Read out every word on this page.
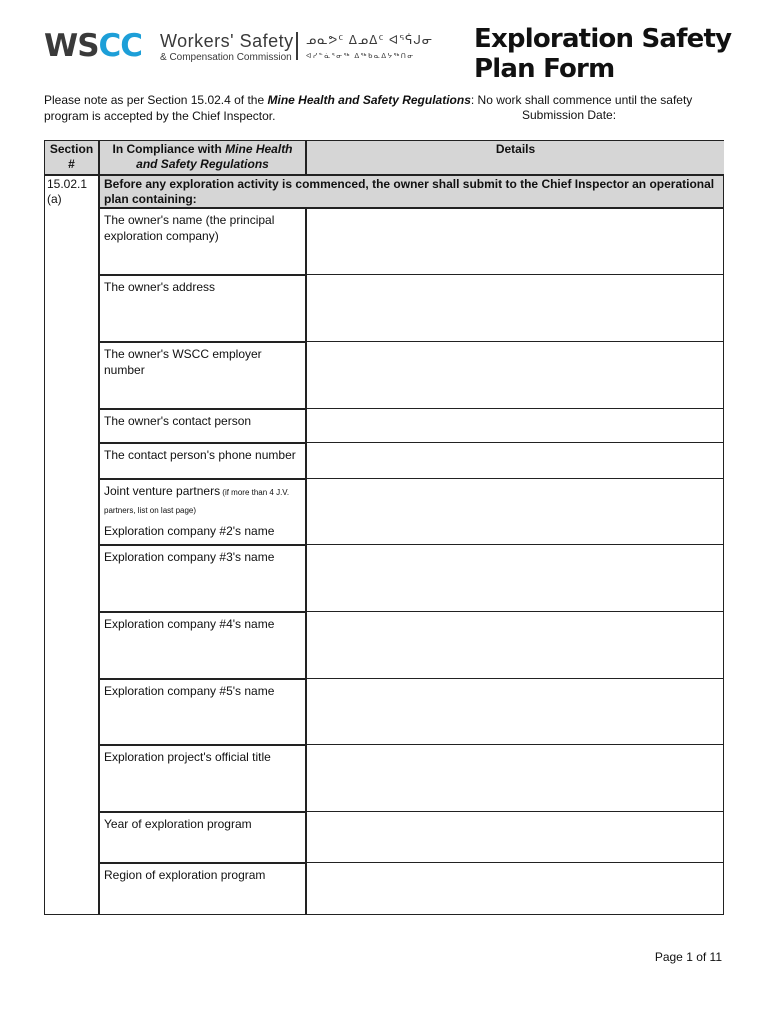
WSCC Workers' Safety
& Compensation Commission
ᓄᓇᕗᑦ ᐃᓄᐃᑦ ᐊᕐᕌᒍᓂ
ᐊᓯᓐᓈᕐᓂᖅ ᐃᖅᑲᓇᐃᔭᖅᑎᓂ
Exploration Safety Plan Form
Please note as per Section 15.02.4 of the Mine Health and Safety Regulations: No work shall commence until the safety program is accepted by the Chief Inspector.	Submission Date:
Section
#
In Compliance with Mine Health
and Safety Regulations
Details
15.02.1
(a)
Before any exploration activity is commenced, the owner shall submit to the Chief Inspector an operational plan containing:
The owner's name (the principal exploration company)
The owner's address
The owner's WSCC employer number
The owner's contact person
The contact person's phone number
Joint venture partners (if more than 4 J.V. partners, list on last page)
Exploration company #2's name
Exploration company #3's name
Exploration company #4's name
Exploration company #5's name
Exploration project's official title
Year of exploration program
Region of exploration program
Page 1 of 11
